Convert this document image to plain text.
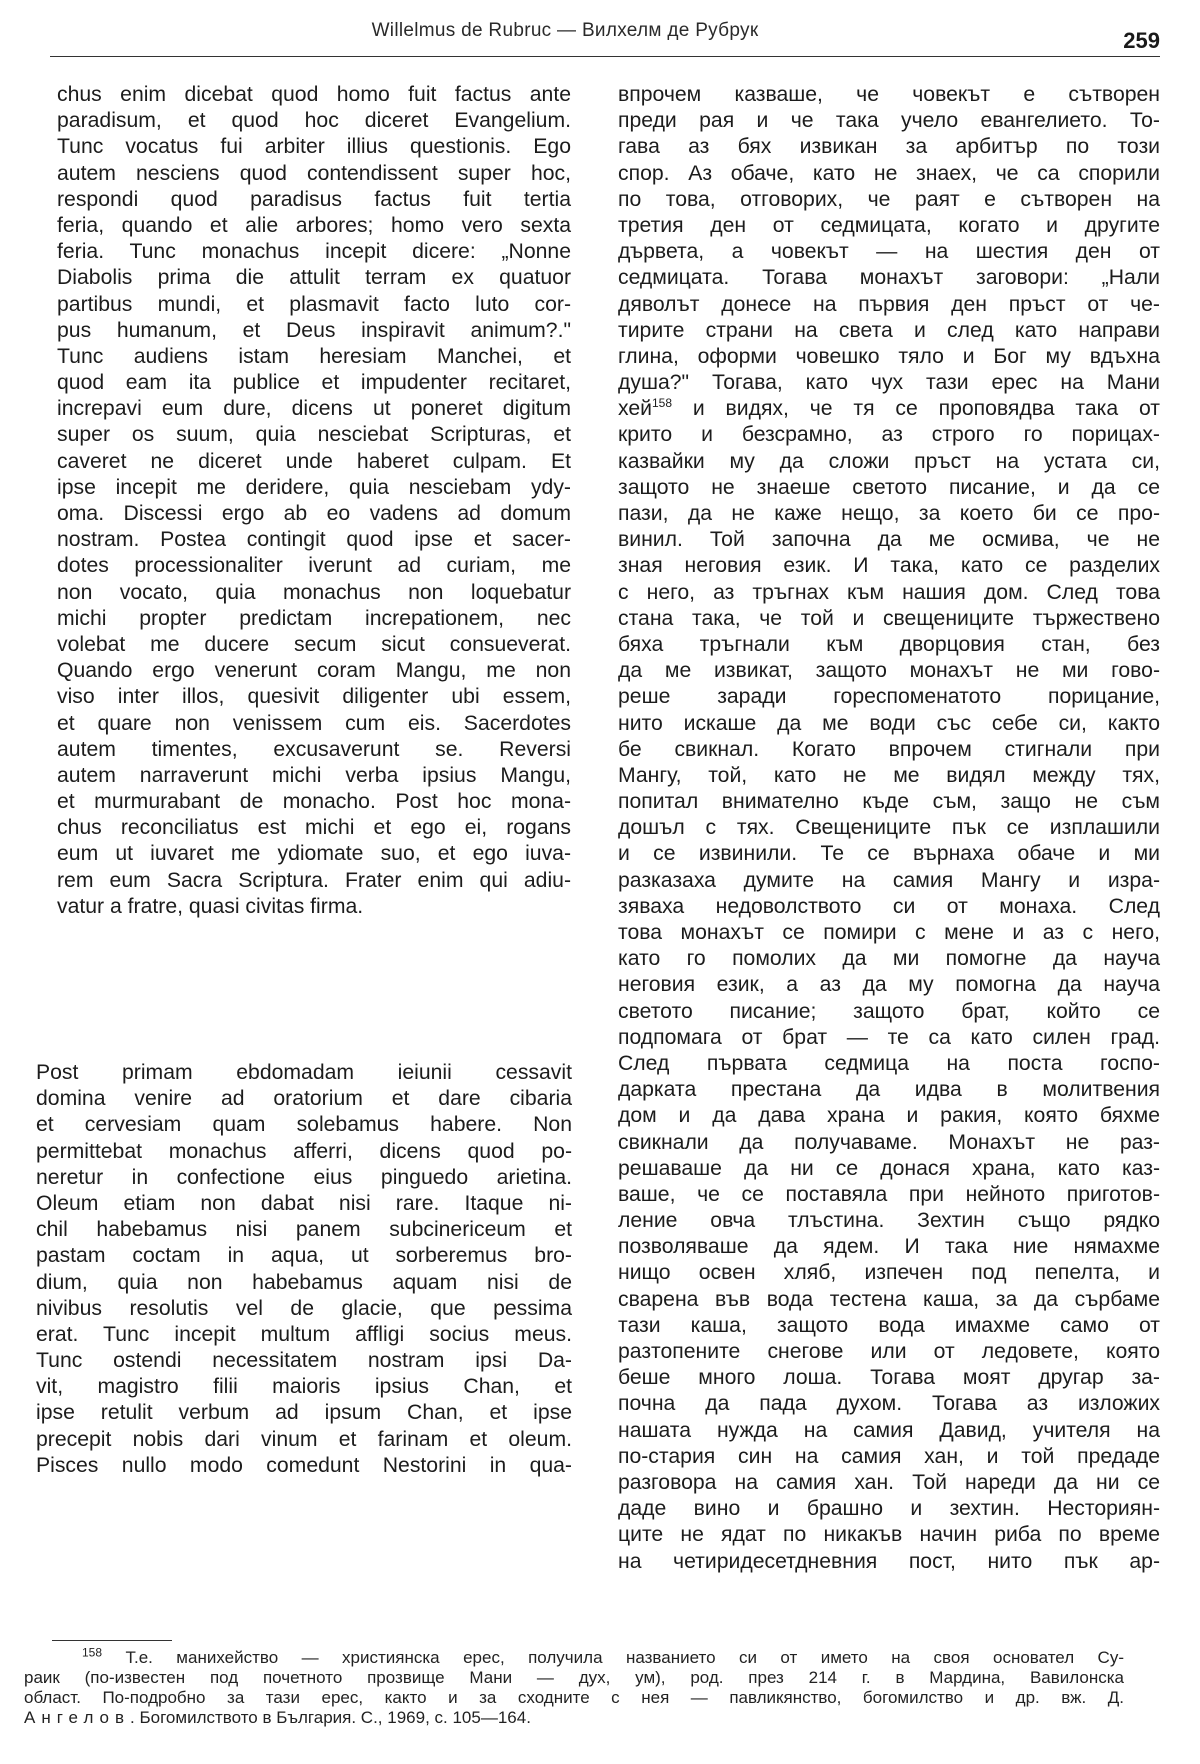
Willelmus de Rubruc — Вилхелм де Рубрук	259
chus enim dicebat quod homo fuit factus ante
paradisum, et quod hoc diceret Evangelium.
Tunc vocatus fui arbiter illius questionis. Ego
autem nesciens quod contendissent super hoc,
respondi quod paradisus factus fuit tertia
feria, quando et alie arbores; homo vero sexta
feria. Tunc monachus incepit dicere: „Nonne
Diabolis prima die attulit terram ex quatuor
partibus mundi, et plasmavit facto luto cor-
pus humanum, et Deus inspiravit animum?."
Tunc audiens istam heresiam Manchei, et
quod eam ita publice et impudenter recitaret,
increpavi eum dure, dicens ut poneret digitum
super os suum, quia nesciebat Scripturas, et
caveret ne diceret unde haberet culpam. Et
ipse incepit me deridere, quia nesciebam ydy-
oma. Discessi ergo ab eo vadens ad domum
nostram. Postea contingit quod ipse et sacer-
dotes processionaliter iverunt ad curiam, me
non vocato, quia monachus non loquebatur
michi propter predictam increpationem, nec
volebat me ducere secum sicut consueverat.
Quando ergo venerunt coram Mangu, me non
viso inter illos, quesivit diligenter ubi essem,
et quare non venissem cum eis. Sacerdotes
autem timentes, excusaverunt se. Reversi
autem narraverunt michi verba ipsius Mangu,
et murmurabant de monacho. Post hoc mona-
chus reconciliatus est michi et ego ei, rogans
eum ut iuvaret me ydiomate suo, et ego iuva-
rem eum Sacra Scriptura. Frater enim qui adiu-
vatur a fratre, quasi civitas firma.
Post primam ebdomadam ieiunii cessavit
domina venire ad oratorium et dare cibaria
et cervesiam quam solebamus habere. Non
permittebat monachus afferri, dicens quod po-
neretur in confectione eius pinguedo arietina.
Oleum etiam non dabat nisi rare. Itaque ni-
chil habebamus nisi panem subcinericeum et
pastam coctam in aqua, ut sorberemus bro-
dium, quia non habebamus aquam nisi de
nivibus resolutis vel de glacie, que pessima
erat. Tunc incepit multum affligi socius meus.
Tunc ostendi necessitatem nostram ipsi Da-
vit, magistro filii maioris ipsius Chan, et
ipse retulit verbum ad ipsum Chan, et ipse
precepit nobis dari vinum et farinam et oleum.
Pisces nullo modo comedunt Nestorini in qua-
впрочем казваше, че човекът е сътворен
преди рая и че така учело евангелието. То-
гава аз бях извикан за арбитър по този
спор. Аз обаче, като не знаех, че са спорили
по това, отговорих, че раят е сътворен на
третия ден от седмицата, когато и другите
дървета, а човекът — на шестия ден от
седмицата. Тогава монахът заговори: „Нали
дяволът донесе на първия ден пръст от че-
тирите страни на света и след като направи
глина, оформи човешко тяло и Бог му вдъхна
душа?" Тогава, като чух тази ерес на Мани
хей$^{158}$ и видях, че тя се проповядва така от
крито и безсрамно, аз строго го порицах-
казвайки му да сложи пръст на устата си,
защото не знаеше светото писание, и да се
пази, да не каже нещо, за което би се про-
винил. Той започна да ме осмива, че не
зная неговия език. И така, като се разделих
с него, аз тръгнах към нашия дом. След това
стана така, че той и свещениците тържествено
бяха тръгнали към дворцовия стан, без
да ме извикат, защото монахът не ми гово-
реше заради гореспоменатото порицание,
нито искаше да ме води със себе си, както
бе свикнал. Когато впрочем стигнали при
Мангу, той, като не ме видял между тях,
попитал внимателно къде съм, защо не съм
дошъл с тях. Свещениците пък се изплашили
и се извинили. Те се върнаха обаче и ми
разказаха думите на самия Мангу и изра-
зяваха недоволството си от монаха. След
това монахът се помири с мене и аз с него,
като го помолих да ми помогне да науча
неговия език, а аз да му помогна да науча
светото писание; защото брат, който се
подпомага от брат — те са като силен град.
След първата седмица на поста госпо-
дарката престана да идва в молитвения
дом и да дава храна и ракия, която бяхме
свикнали да получаваме. Монахът не раз-
решаваше да ни се донася храна, като каз-
ваше, че се поставяла при нейното приготов-
ление овча тлъстина. Зехтин също рядко
позволяваше да ядем. И така ние нямахме
нищо освен хляб, изпечен под пепелта, и
сварена във вода тестена каша, за да сърбаме
тази каша, защото вода имахме само от
разтопените снегове или от ледовете, която
беше много лоша. Тогава моят другар за-
почна да пада духом. Тогава аз изложих
нашата нужда на самия Давид, учителя на
по-стария син на самия хан, и той предаде
разговора на самия хан. Той нареди да ни се
даде вино и брашно и зехтин. Несториян-
ците не ядат по никакъв начин риба по време
на четиридесетдневния пост, нито пък ар-
$^{158}$ Т.е. манихейство — християнска ерес, получила названието си от името на своя основател Су-
раик (по-известен под почетното прозвище Мани — дух, ум), род. през 214 г. в Мардина, Вавилонска
област. По-подробно за тази ерес, както и за сходните с нея — павликянство, богомилство и др. вж. Д.
Ангелов. Богомилството в България. С., 1969, с. 105—164.
